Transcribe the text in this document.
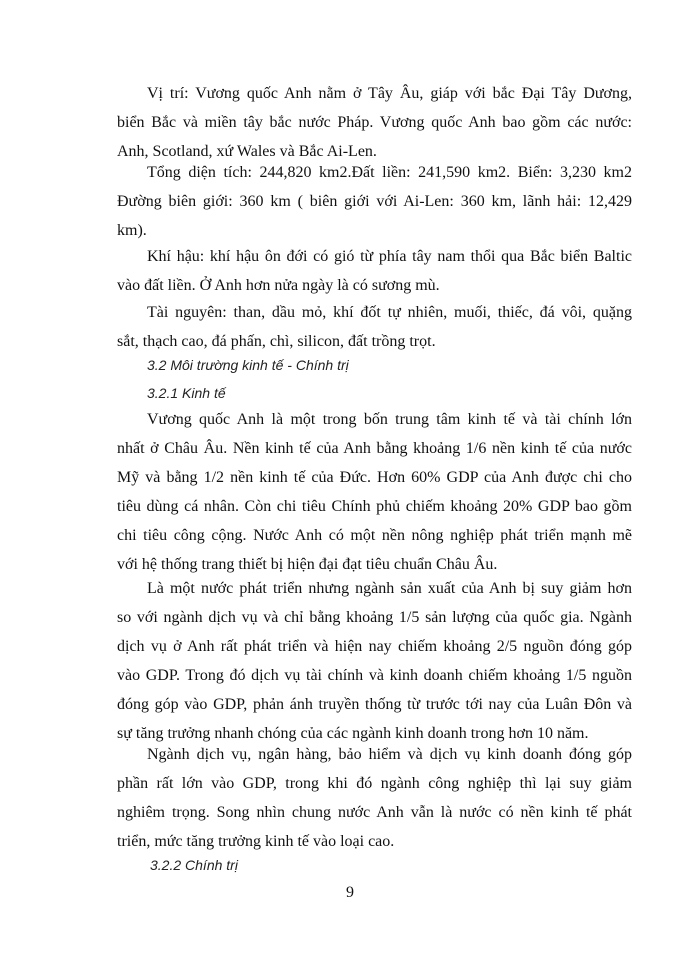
Vị trí: Vương quốc Anh nằm ở Tây Âu, giáp với bắc Đại Tây Dương,
biển Bắc và miền tây bắc nước Pháp. Vương quốc Anh bao gồm các nước:
Anh, Scotland, xứ Wales và Bắc Ai-Len.

Tổng diện tích: 244,820 km2.Đất liền: 241,590 km2. Biển: 3,230 km2
Đường biên giới: 360 km ( biên giới với Ai-Len: 360 km, lãnh hải: 12,429
km).

Khí hậu: khí hậu ôn đới có gió từ phía tây nam thổi qua Bắc biển Baltic
vào đất liền. Ở Anh hơn nửa ngày là có sương mù.

Tài nguyên: than, dầu mỏ, khí đốt tự nhiên, muối, thiếc, đá vôi, quặng
sắt, thạch cao, đá phấn, chì, silicon, đất trồng trọt.

3.2 Môi trường kinh tế - Chính trị
3.2.1 Kinh tế

Vương quốc Anh là một trong bốn trung tâm kinh tế và tài chính lớn
nhất ở Châu Âu. Nền kinh tế của Anh bằng khoảng 1/6 nền kinh tế của nước
Mỹ và bằng 1/2 nền kinh tế của Đức. Hơn 60% GDP của Anh được chi cho
tiêu dùng cá nhân. Còn chi tiêu Chính phủ chiếm khoảng 20% GDP bao gồm
chi tiêu công cộng. Nước Anh có một nền nông nghiệp phát triển mạnh mẽ
với hệ thống trang thiết bị hiện đại đạt tiêu chuẩn Châu Âu.

Là một nước phát triển nhưng ngành sản xuất của Anh bị suy giảm hơn
so với ngành dịch vụ và chỉ bằng khoảng 1/5 sản lượng của quốc gia. Ngành
dịch vụ ở Anh rất phát triển và hiện nay chiếm khoảng 2/5 nguồn đóng góp
vào GDP. Trong đó dịch vụ tài chính và kinh doanh chiếm khoảng 1/5 nguồn
đóng góp vào GDP, phản ánh truyền thống từ trước tới nay của Luân Đôn và
sự tăng trưởng nhanh chóng của các ngành kinh doanh trong hơn 10 năm.

Ngành dịch vụ, ngân hàng, bảo hiểm và dịch vụ kinh doanh đóng góp
phần rất lớn vào GDP, trong khi đó ngành công nghiệp thì lại suy giảm
nghiêm trọng. Song nhìn chung nước Anh vẫn là nước có nền kinh tế phát
triển, mức tăng trưởng kinh tế vào loại cao.

3.2.2 Chính trị
9
